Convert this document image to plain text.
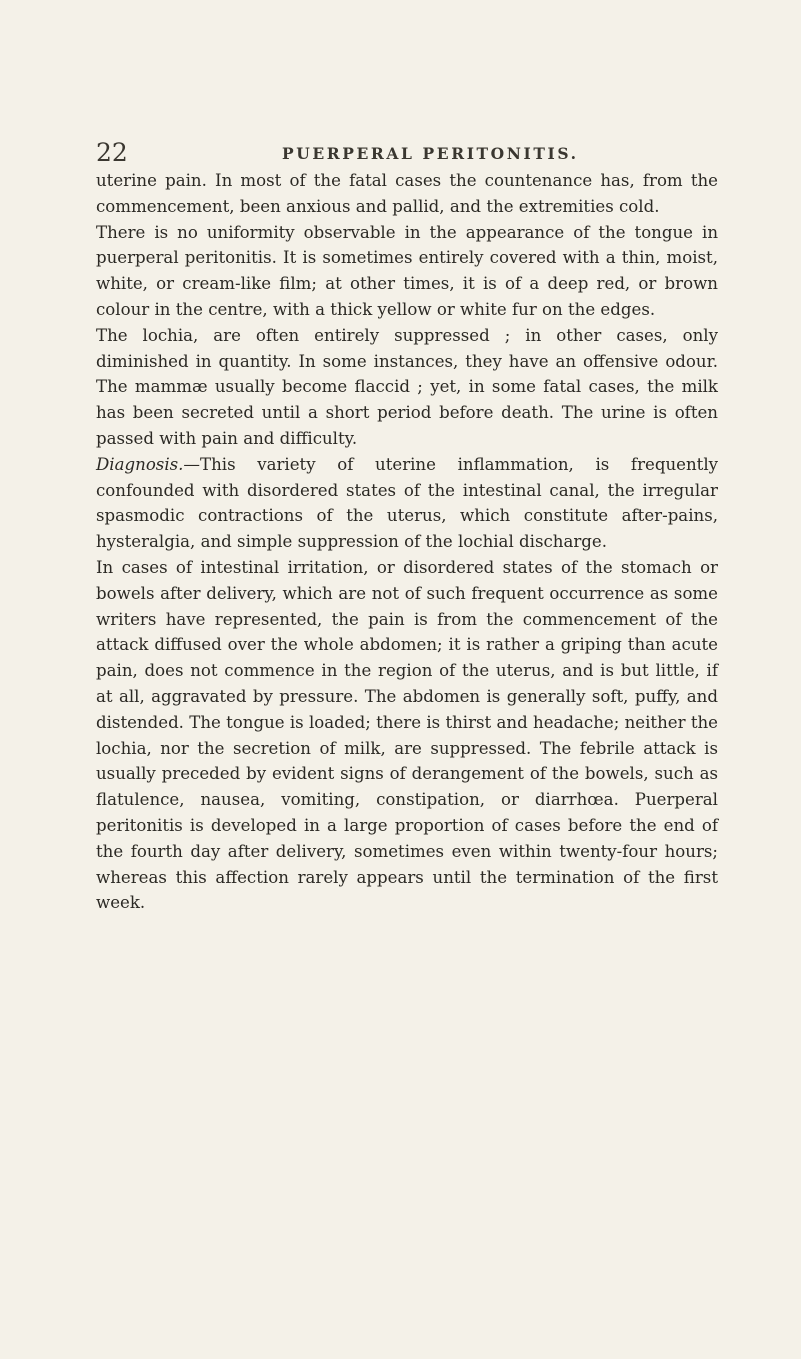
22	PUERPERAL PERITONITIS.

uterine pain. In most of the fatal cases the countenance has, from the commencement, been anxious and pallid, and the extremities cold.

There is no uniformity observable in the appearance of the tongue in puerperal peritonitis. It is sometimes entirely covered with a thin, moist, white, or cream-like film; at other times, it is of a deep red, or brown colour in the centre, with a thick yellow or white fur on the edges.

The lochia, are often entirely suppressed ; in other cases, only diminished in quantity. In some instances, they have an offensive odour. The mammæ usually become flaccid ; yet, in some fatal cases, the milk has been secreted until a short period before death. The urine is often passed with pain and difficulty.

Diagnosis.—This variety of uterine inflammation, is frequently confounded with disordered states of the intestinal canal, the irregular spasmodic contractions of the uterus, which constitute after-pains, hysteralgia, and simple suppression of the lochial discharge.

In cases of intestinal irritation, or disordered states of the stomach or bowels after delivery, which are not of such frequent occurrence as some writers have represented, the pain is from the commencement of the attack diffused over the whole abdomen; it is rather a griping than acute pain, does not commence in the region of the uterus, and is but little, if at all, aggravated by pressure. The abdomen is generally soft, puffy, and distended. The tongue is loaded; there is thirst and headache; neither the lochia, nor the secretion of milk, are suppressed. The febrile attack is usually preceded by evident signs of derangement of the bowels, such as flatulence, nausea, vomiting, constipation, or diarrhœa. Puerperal peritonitis is developed in a large proportion of cases before the end of the fourth day after delivery, sometimes even within twenty-four hours; whereas this affection rarely appears until the termination of the first week.
